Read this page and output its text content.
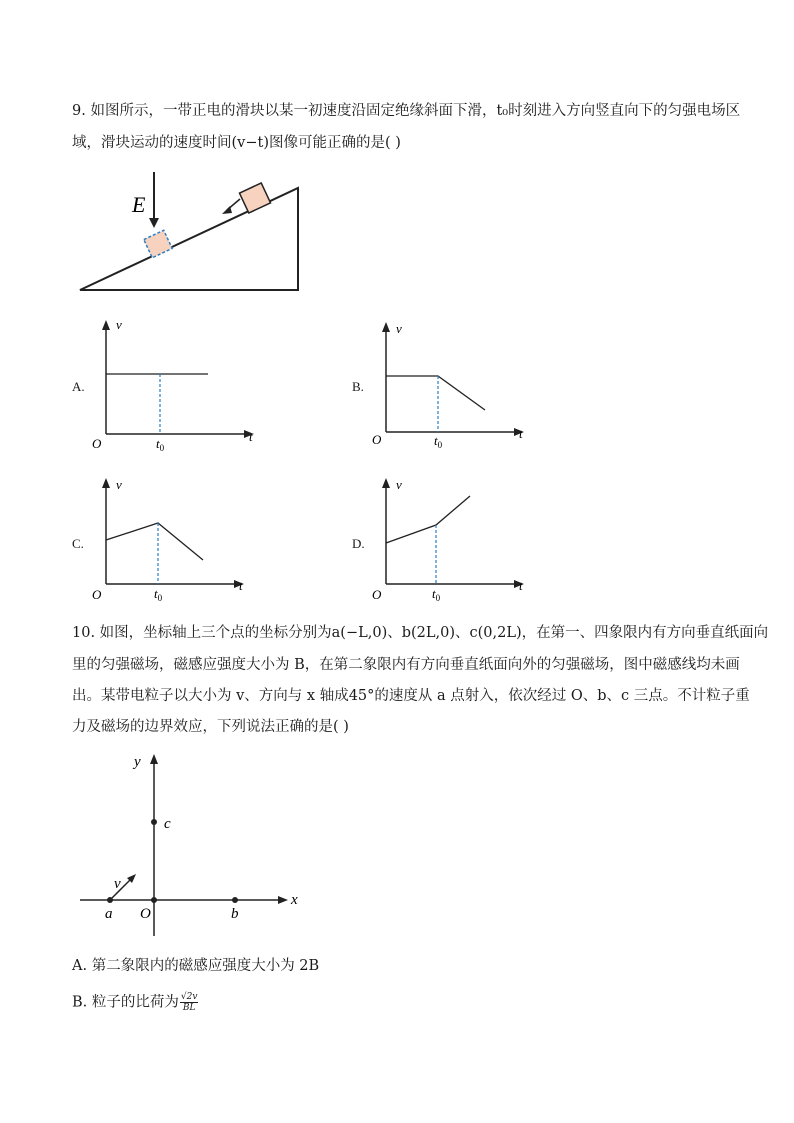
9. 如图所示，一带正电的滑块以某一初速度沿固定绝缘斜面下滑，t₀时刻进入方向竖直向下的匀强电场区
域，滑块运动的速度时间(v−t)图像可能正确的是( )
E
A.
v
t
O	$t_0$
B.
v
t
O	$t_0$
C.
v
t
O	$t_0$
D.
v
t
O	$t_0$
10. 如图，坐标轴上三个点的坐标分别为a(−L,0)、b(2L,0)、c(0,2L)，在第一、四象限内有方向垂直纸面向
里的匀强磁场，磁感应强度大小为 B，在第二象限内有方向垂直纸面向外的匀强磁场，图中磁感线均未画
出。某带电粒子以大小为 v、方向与 x 轴成45°的速度从 a 点射入，依次经过 O、b、c 三点。不计粒子重
力及磁场的边界效应，下列说法正确的是( )
y
x
a O	b
c
v
A. 第二象限内的磁感应强度大小为 2B
B. 粒子的比荷为 $\frac{√2v}{BL}$
